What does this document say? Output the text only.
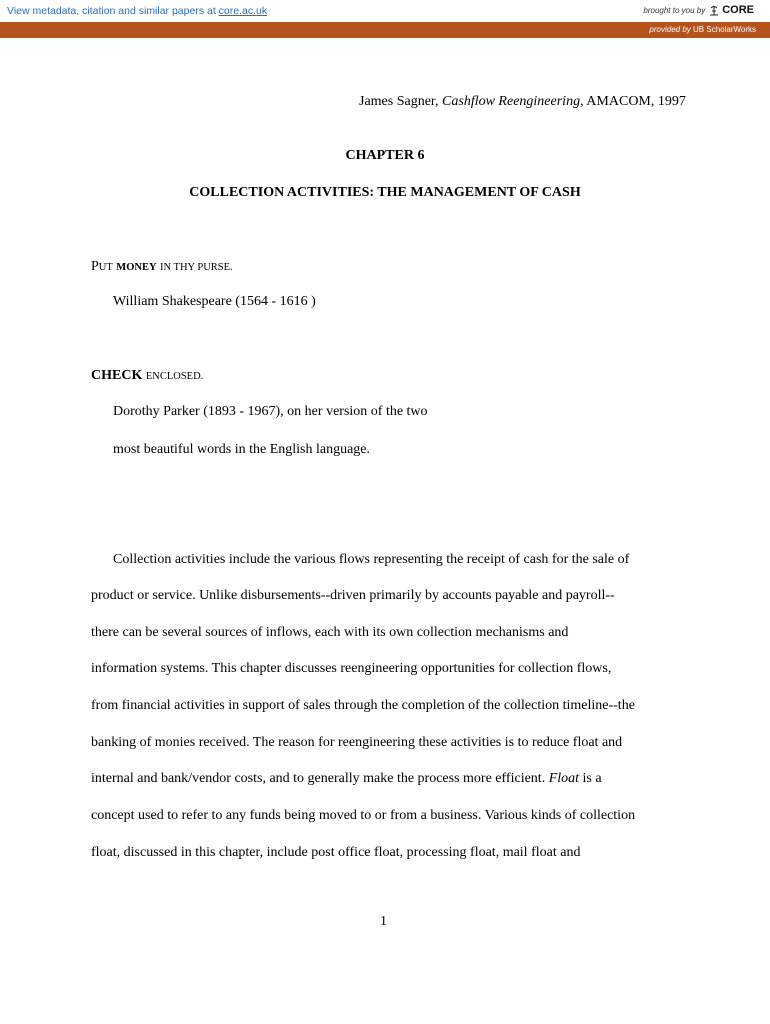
View metadata, citation and similar papers at core.ac.uk	brought to you by CORE
provided by UB ScholarWorks
James Sagner, Cashflow Reengineering, AMACOM, 1997
CHAPTER 6
COLLECTION ACTIVITIES: THE MANAGEMENT OF CASH
PUT MONEY IN THY PURSE.
William Shakespeare (1564 - 1616 )
CHECK ENCLOSED.
Dorothy Parker (1893 - 1967), on her version of the two
most beautiful words in the English language.
Collection activities include the various flows representing the receipt of cash for the sale of
product or service. Unlike disbursements--driven primarily by accounts payable and payroll--
there can be several sources of inflows, each with its own collection mechanisms and
information systems. This chapter discusses reengineering opportunities for collection flows,
from financial activities in support of sales through the completion of the collection timeline--the
banking of monies received. The reason for reengineering these activities is to reduce float and
internal and bank/vendor costs, and to generally make the process more efficient. Float is a
concept used to refer to any funds being moved to or from a business. Various kinds of collection
float, discussed in this chapter, include post office float, processing float, mail float and
1
